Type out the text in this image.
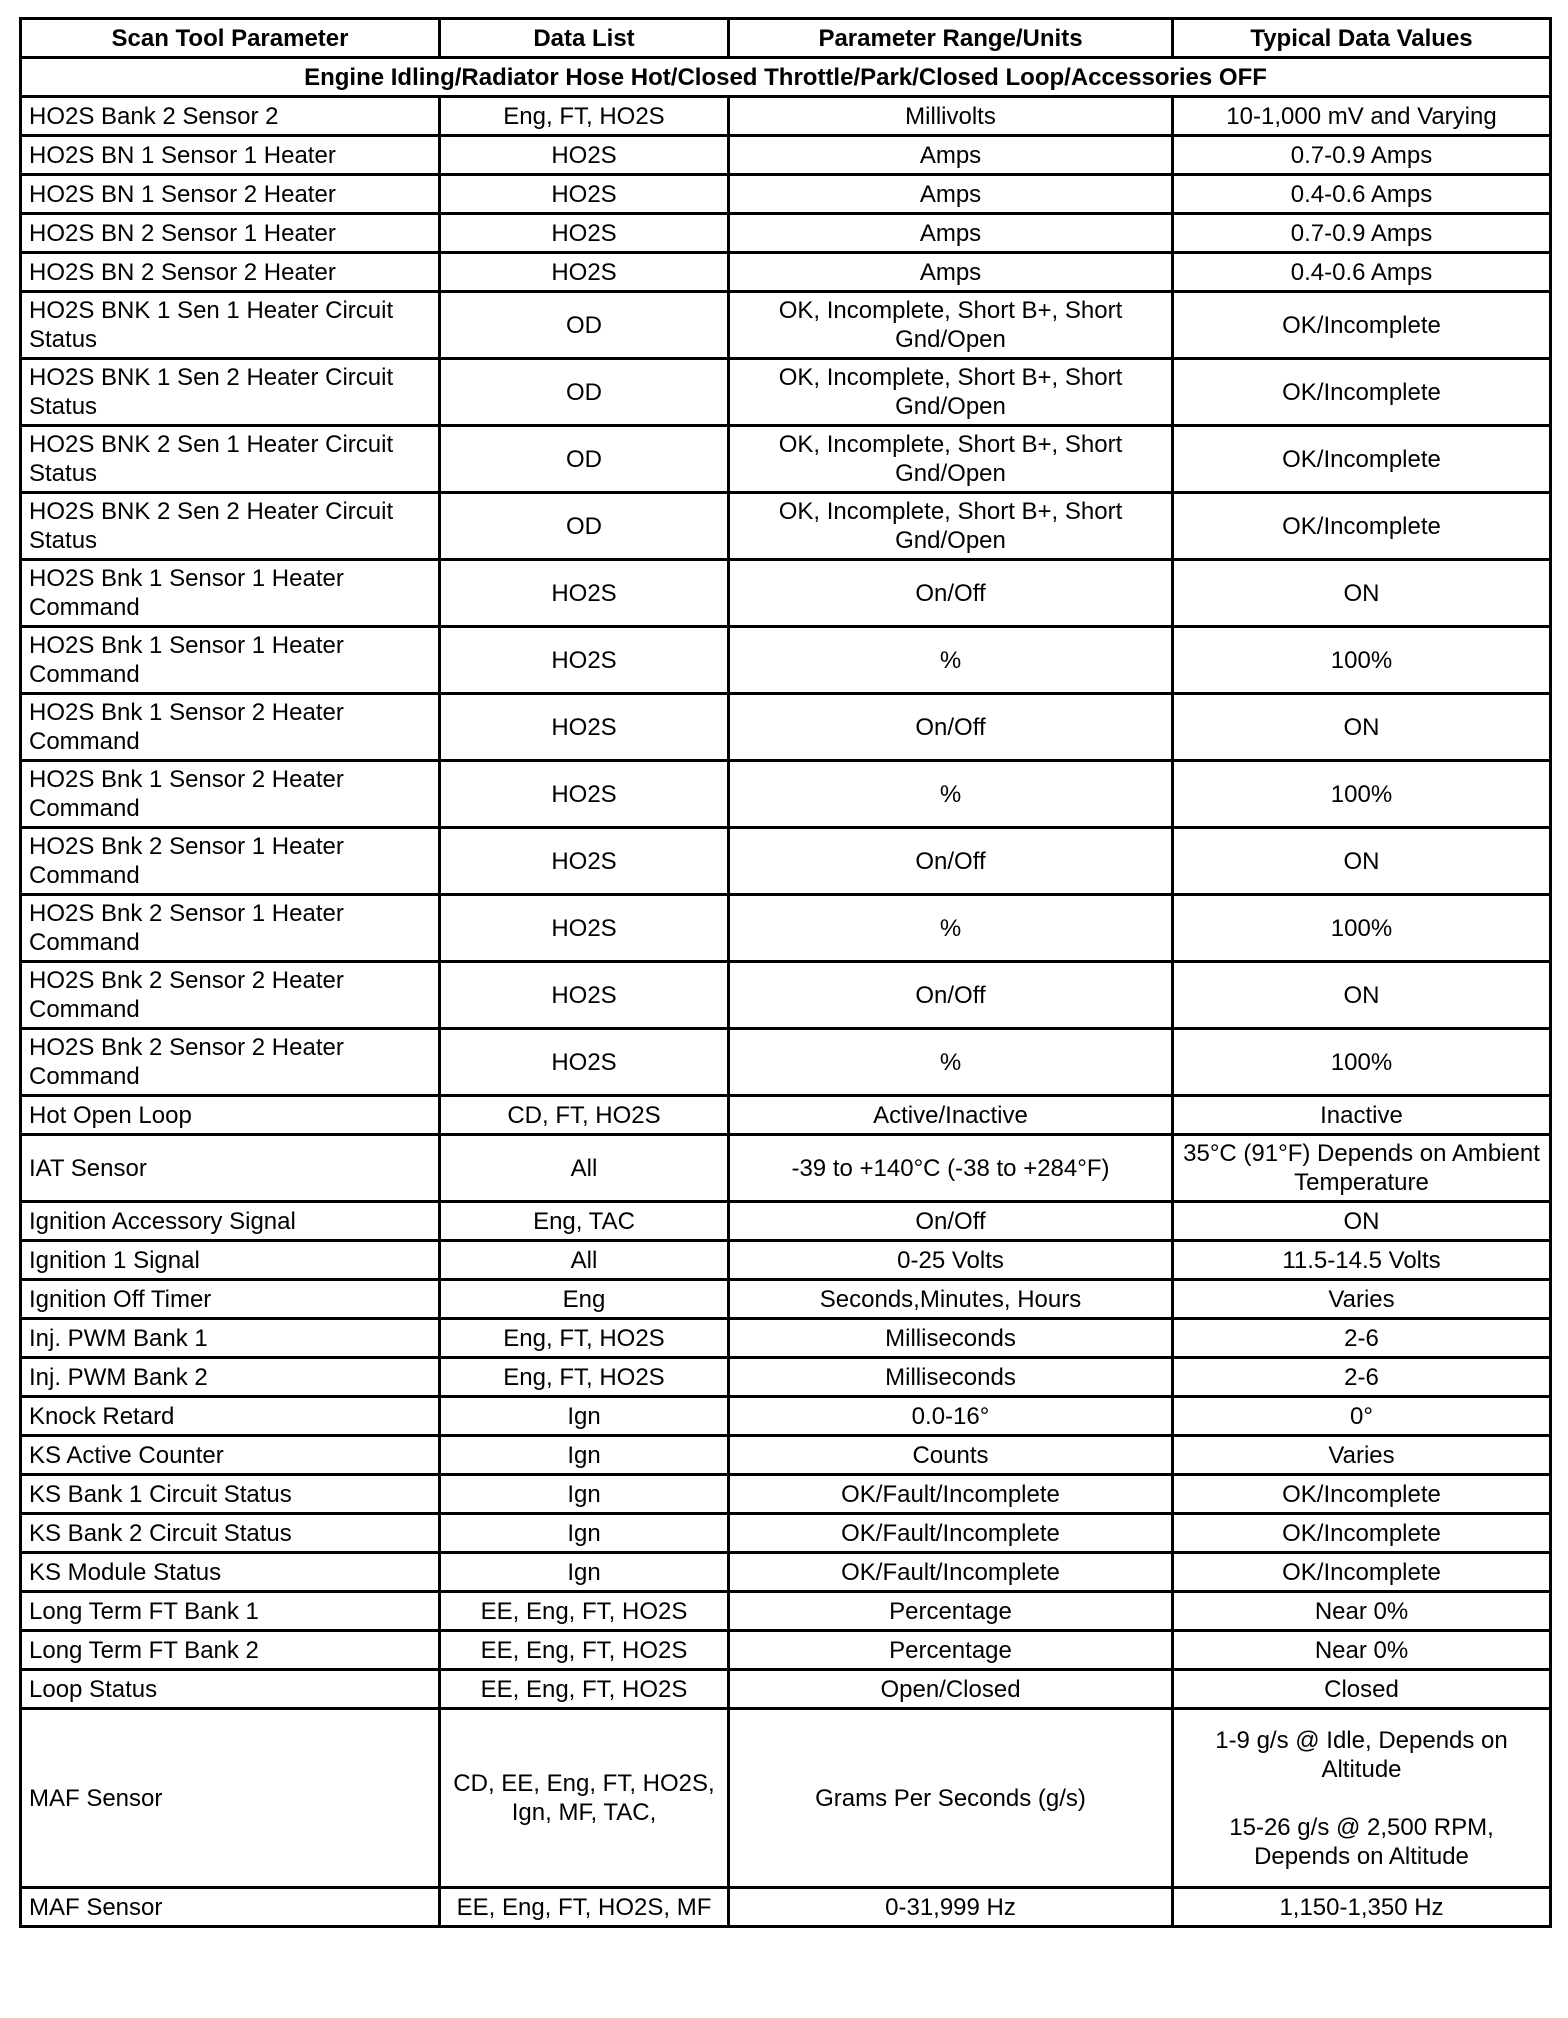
Scan Tool Parameter	Data List	Parameter Range/Units	Typical Data Values
Engine Idling/Radiator Hose Hot/Closed Throttle/Park/Closed Loop/Accessories OFF			
HO2S Bank 2 Sensor 2	Eng, FT, HO2S	Millivolts	10-1,000 mV and Varying
HO2S BN 1 Sensor 1 Heater	HO2S	Amps	0.7-0.9 Amps
HO2S BN 1 Sensor 2 Heater	HO2S	Amps	0.4-0.6 Amps
HO2S BN 2 Sensor 1 Heater	HO2S	Amps	0.7-0.9 Amps
HO2S BN 2 Sensor 2 Heater	HO2S	Amps	0.4-0.6 Amps
HO2S BNK 1 Sen 1 Heater Circuit Status	OD	OK, Incomplete, Short B+, Short Gnd/Open	OK/Incomplete
HO2S BNK 1 Sen 2 Heater Circuit Status	OD	OK, Incomplete, Short B+, Short Gnd/Open	OK/Incomplete
HO2S BNK 2 Sen 1 Heater Circuit Status	OD	OK, Incomplete, Short B+, Short Gnd/Open	OK/Incomplete
HO2S BNK 2 Sen 2 Heater Circuit Status	OD	OK, Incomplete, Short B+, Short Gnd/Open	OK/Incomplete
HO2S Bnk 1 Sensor 1 Heater Command	HO2S	On/Off	ON
HO2S Bnk 1 Sensor 1 Heater Command	HO2S	%	100%
HO2S Bnk 1 Sensor 2 Heater Command	HO2S	On/Off	ON
HO2S Bnk 1 Sensor 2 Heater Command	HO2S	%	100%
HO2S Bnk 2 Sensor 1 Heater Command	HO2S	On/Off	ON
HO2S Bnk 2 Sensor 1 Heater Command	HO2S	%	100%
HO2S Bnk 2 Sensor 2 Heater Command	HO2S	On/Off	ON
HO2S Bnk 2 Sensor 2 Heater Command	HO2S	%	100%
Hot Open Loop	CD, FT, HO2S	Active/Inactive	Inactive
IAT Sensor	All	-39 to +140°C (-38 to +284°F)	35°C (91°F) Depends on Ambient Temperature
Ignition Accessory Signal	Eng, TAC	On/Off	ON
Ignition 1 Signal	All	0-25 Volts	11.5-14.5 Volts
Ignition Off Timer	Eng	Seconds,Minutes, Hours	Varies
Inj. PWM Bank 1	Eng, FT, HO2S	Milliseconds	2-6
Inj. PWM Bank 2	Eng, FT, HO2S	Milliseconds	2-6
Knock Retard	Ign	0.0-16°	0°
KS Active Counter	Ign	Counts	Varies
KS Bank 1 Circuit Status	Ign	OK/Fault/Incomplete	OK/Incomplete
KS Bank 2 Circuit Status	Ign	OK/Fault/Incomplete	OK/Incomplete
KS Module Status	Ign	OK/Fault/Incomplete	OK/Incomplete
Long Term FT Bank 1	EE, Eng, FT, HO2S	Percentage	Near 0%
Long Term FT Bank 2	EE, Eng, FT, HO2S	Percentage	Near 0%
Loop Status	EE, Eng, FT, HO2S	Open/Closed	Closed
MAF Sensor	CD, EE, Eng, FT, HO2S, Ign, MF, TAC,	Grams Per Seconds (g/s)	1-9 g/s @ Idle, Depends on Altitude
15-26 g/s @ 2,500 RPM, Depends on Altitude

MAF Sensor	EE, Eng, FT, HO2S, MF	0-31,999 Hz	1,150-1,350 Hz
